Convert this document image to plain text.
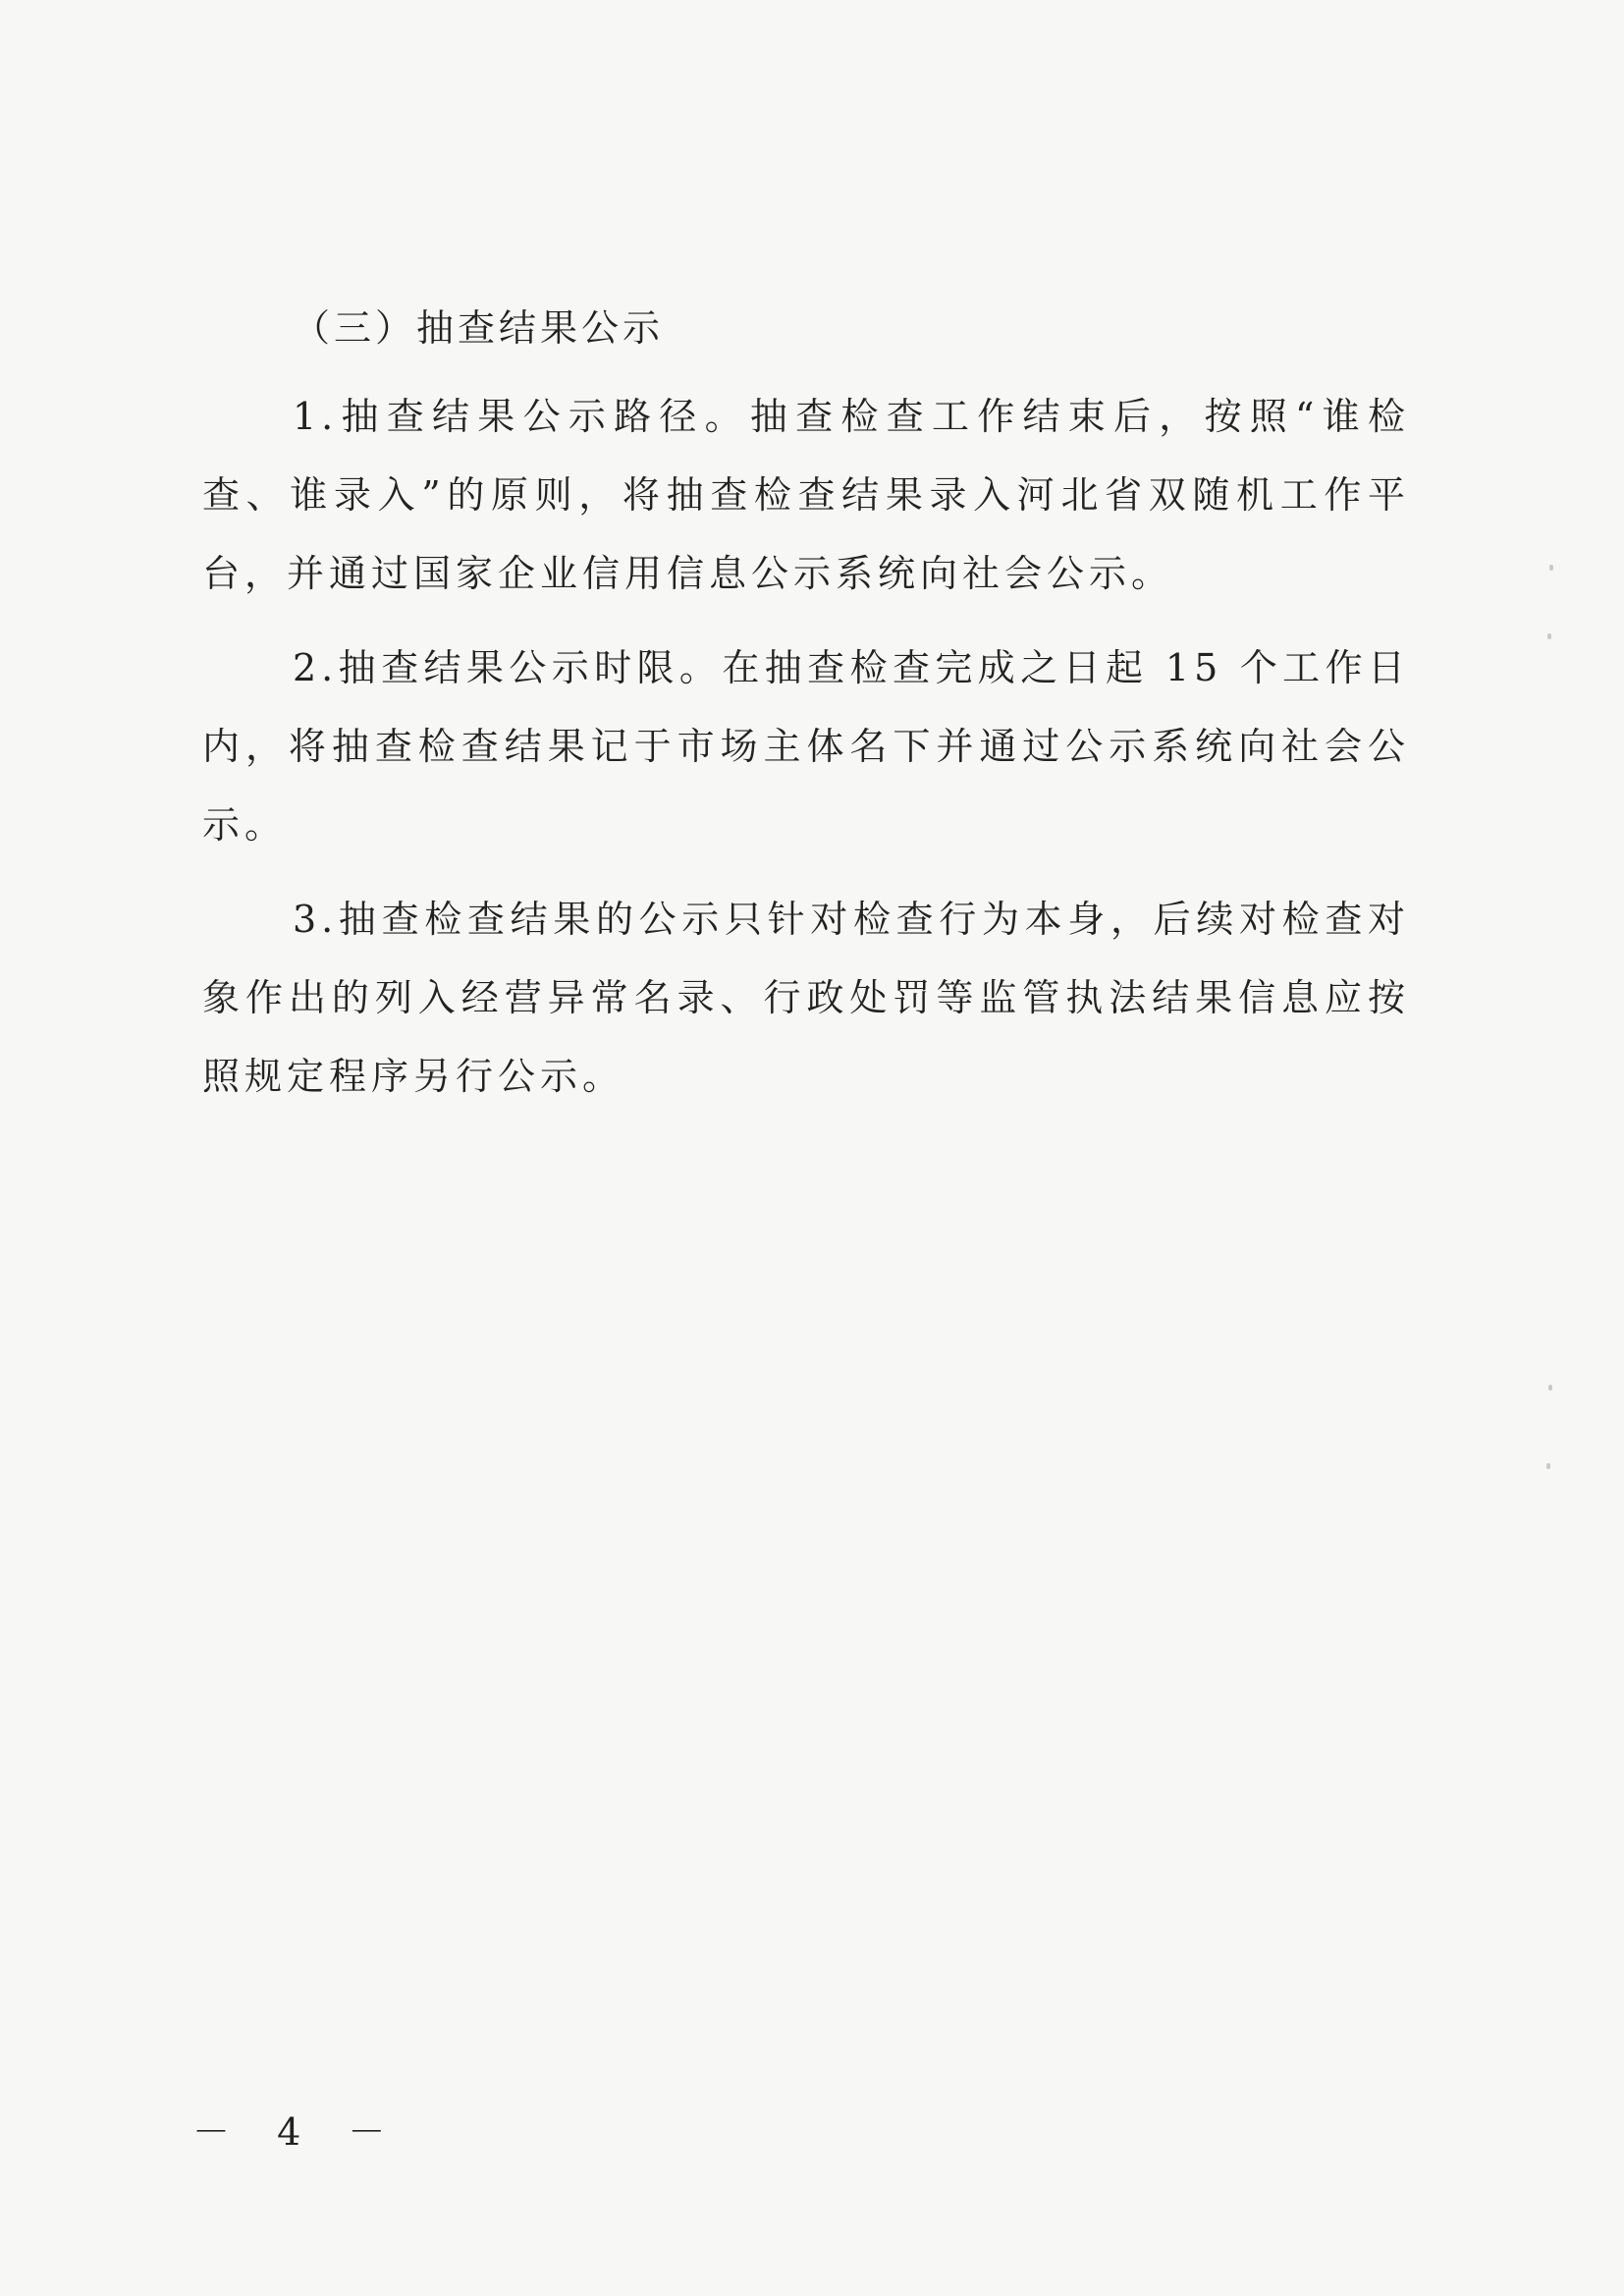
（三）抽查结果公示

1.抽查结果公示路径。抽查检查工作结束后，按照“谁检查、谁录入”的原则，将抽查检查结果录入河北省双随机工作平台，并通过国家企业信用信息公示系统向社会公示。

2.抽查结果公示时限。在抽查检查完成之日起 15 个工作日内，将抽查检查结果记于市场主体名下并通过公示系统向社会公示。

3.抽查检查结果的公示只针对检查行为本身，后续对检查对象作出的列入经营异常名录、行政处罚等监管执法结果信息应按照规定程序另行公示。

－ 4 －
